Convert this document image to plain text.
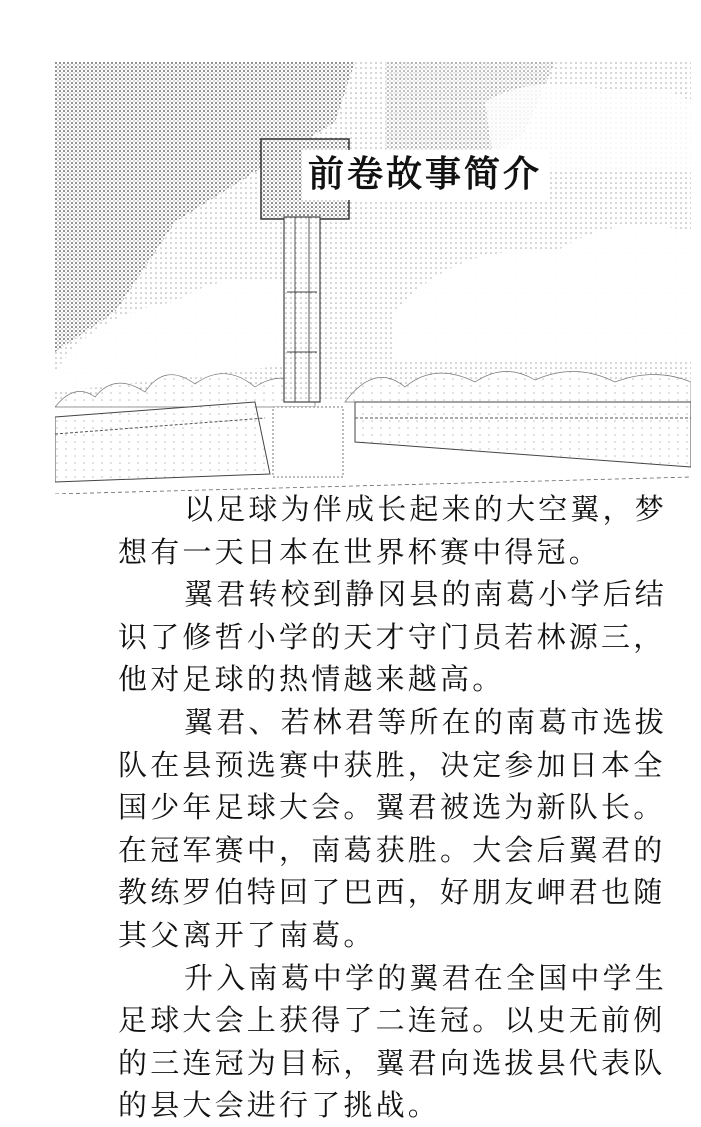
前卷故事简介

以足球为伴成长起来的大空翼，梦想有一天日本在世界杯赛中得冠。

翼君转校到静冈县的南葛小学后结识了修哲小学的天才守门员若林源三，他对足球的热情越来越高。

翼君、若林君等所在的南葛市选拔队在县预选赛中获胜，决定参加日本全国少年足球大会。翼君被选为新队长。在冠军赛中，南葛获胜。大会后翼君的教练罗伯特回了巴西，好朋友岬君也随其父离开了南葛。

升入南葛中学的翼君在全国中学生足球大会上获得了二连冠。以史无前例的三连冠为目标，翼君向选拔县代表队的县大会进行了挑战。
